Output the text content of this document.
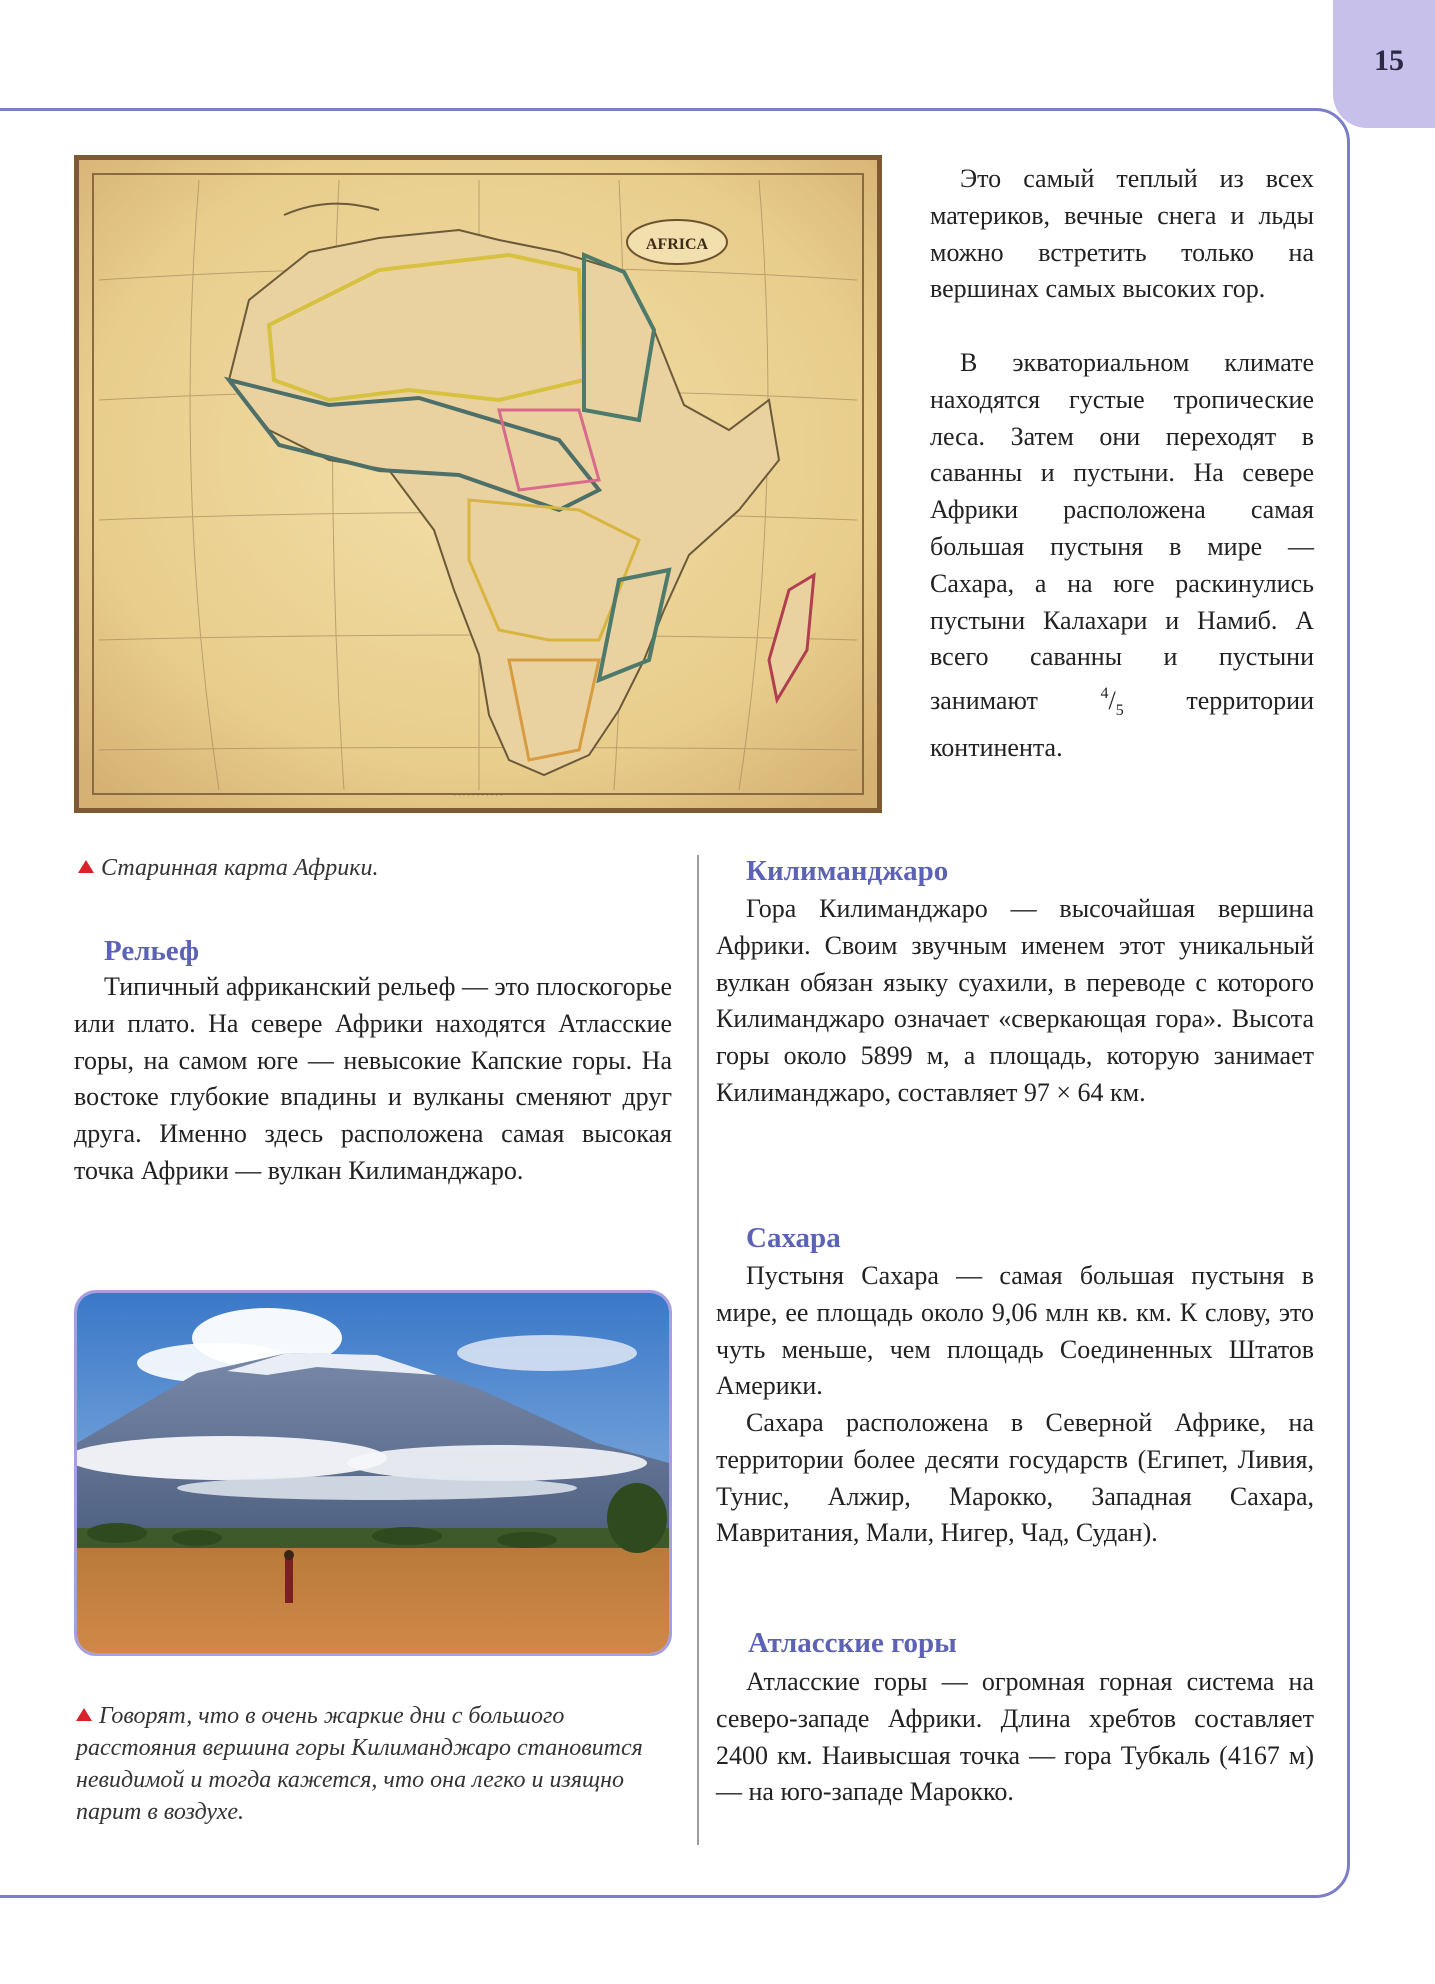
15
AFRICA
· · · · · · · · · · ·

Это самый теплый из всех материков, вечные снега и льды можно встретить только на вершинах самых высоких гор.

В экваториальном климате находятся густые тропические леса. Затем они переходят в саванны и пустыни. На севере Африки расположена самая большая пустыня в мире — Сахара, а на юге раскинулись пустыни Калахари и Намиб. А всего саванны и пустыни занимают	$^4/_5$ территории континента.

Старинная карта Африки.

Рельеф

Типичный африканский рельеф — это плоскогорье или плато. На севере Африки находятся Атласские горы, на самом юге — невысокие Капские горы. На востоке глубокие впадины и вулканы сменяют друг друга. Именно здесь расположена самая высокая точка Африки — вулкан Килиманджаро.

Говорят, что в очень жаркие дни с большого расстояния вершина горы Килиманджаро становится невидимой и тогда кажется, что она легко и изящно парит в воздухе.

Килиманджаро

Гора Килиманджаро — высочайшая вершина Африки. Своим звучным именем этот уникальный вулкан обязан языку суахили, в переводе с которого Килиманджаро означает «сверкающая гора». Высота горы около 5899 м, а площадь, которую занимает Килиманджаро, составляет 97 × 64 км.

Сахара

Пустыня Сахара — самая большая пустыня в мире, ее площадь около 9,06 млн кв. км. К слову, это чуть меньше, чем площадь Соединенных Штатов Америки.

Сахара расположена в Северной Африке, на территории более десяти государств (Египет, Ливия, Тунис, Алжир, Марокко, Западная Сахара, Мавритания, Мали, Нигер, Чад, Судан).

Атласские горы

Атласские горы — огромная горная система на северо-западе Африки. Длина хребтов составляет 2400 км. Наивысшая точка — гора Тубкаль (4167 м) — на юго-западе Марокко.
